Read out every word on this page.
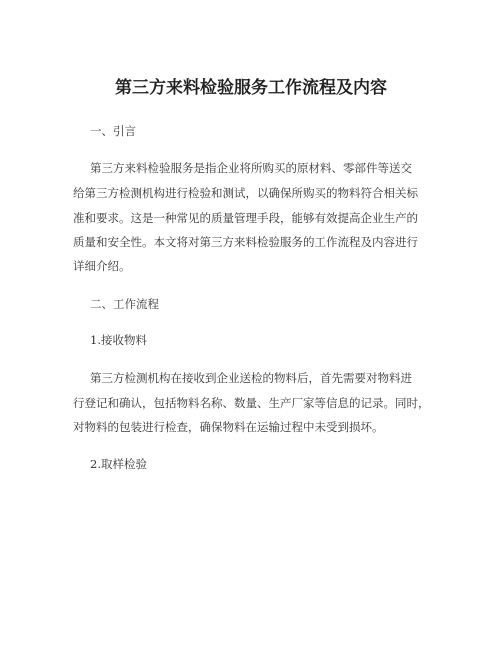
第三方来料检验服务工作流程及内容
一、引言
第三方来料检验服务是指企业将所购买的原材料、零部件等送交
给第三方检测机构进行检验和测试，以确保所购买的物料符合相关标
准和要求。这是一种常见的质量管理手段，能够有效提高企业生产的
质量和安全性。本文将对第三方来料检验服务的工作流程及内容进行
详细介绍。
二、工作流程
1.接收物料
第三方检测机构在接收到企业送检的物料后，首先需要对物料进
行登记和确认，包括物料名称、数量、生产厂家等信息的记录。同时，
对物料的包装进行检查，确保物料在运输过程中未受到损坏。
2.取样检验
